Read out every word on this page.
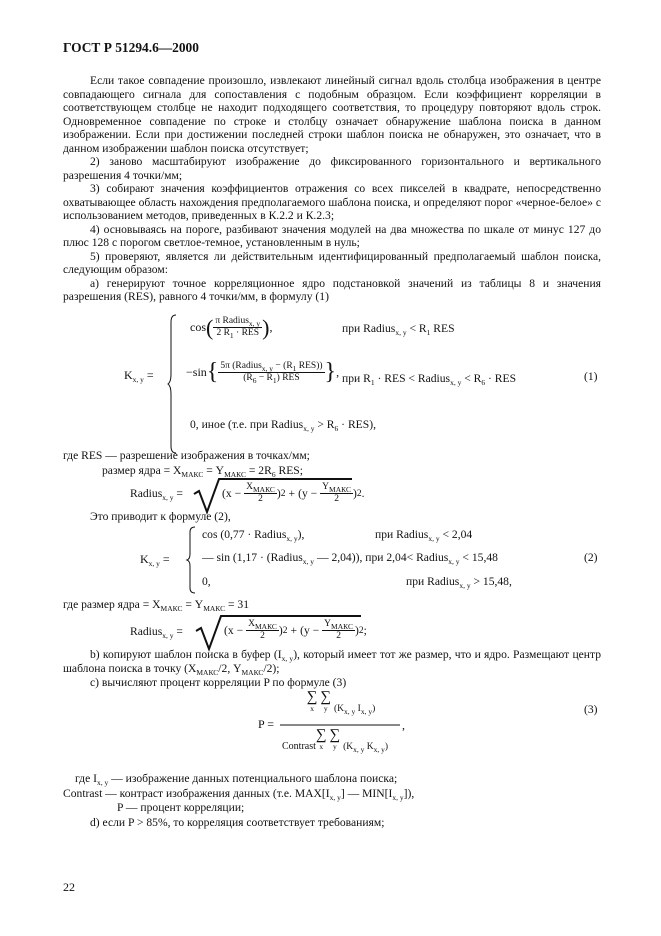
ГОСТ Р 51294.6—2000

Если такое совпадение произошло, извлекают линейный сигнал вдоль столбца изображения в центре совпадающего сигнала для сопоставления с подобным образцом. Если коэффициент корреляции в соответствующем столбце не находит подходящего соответствия, то процедуру повторяют вдоль строк. Одновременное совпадение по строке и столбцу означает обнаружение шаблона поиска в данном изображении. Если при достижении последней строки шаблон поиска не обнаружен, это означает, что в данном изображении шаблон поиска отсутствует;

2) заново масштабируют изображение до фиксированного горизонтального и вертикального разрешения 4 точки/мм;

3) собирают значения коэффициентов отражения со всех пикселей в квадрате, непосредственно охватывающее область нахождения предполагаемого шаблона поиска, и определяют порог «черное-белое» с использованием методов, приведенных в К.2.2 и К.2.3;

4) основываясь на пороге, разбивают значения модулей на два множества по шкале от минус 127 до плюс 128 с порогом светлое-темное, установленным в нуль;

5) проверяют, является ли действительным идентифицированный предполагаемый шаблон поиска, следующим образом:

а) генерируют точное корреляционное ядро подстановкой значений из таблицы 8 и значения разрешения (RES), равного 4 точки/мм, в формулу (1)

$K_{x, y}$ =
cos ( $\frac{\pi Radius_{x, y}}{2 R_1 \cdot RES}$ ) ,	при Radius$_{x, y}$ < $R_1$ RES
−sin { $\frac{5\pi (Radius_{x, y} - (R_1 RES))}{(R_6 - R_1) RES}$ } , при $R_1$ · RES < Radius$_{x, y}$ < $R_6$ · RES	(1)
0, иное (т.е. при Radius$_{x, y}$ > $R_6 \cdot RES$),
где RES — разрешение изображения в точках/мм;
размер ядра = $X_{МАКС} = Y_{МАКС} = 2R_6$ RES;
Radius$_{x, y}$ =	( $x - \frac{X_{МАКС}}{2}$ ) 2 + ( $y - \frac{Y_{МАКС}}{2}$ ) 2 .
Это приводит к формуле (2),
$K_{x, y}$ =
cos (0,77 · Radius$_{x, y}$),	при Radius$_{x, y}$ < 2,04
— sin (1,17 · (Radius$_{x, y}$ — 2,04)), при 2,04< Radius$_{x, y}$ < 15,48	(2)
0,	при Radius$_{x, y}$ > 15,48,
где размер ядра = $X_{МАКС} = Y_{МАКС} = 31$
Radius$_{x, y}$ =	( $x - \frac{X_{МАКС}}{2}$ ) 2 + ( $y - \frac{Y_{МАКС}}{2}$ ) 2 ;
b) копируют шаблон поиска в буфер $(I_{x, y})$, который имеет тот же размер, что и ядро. Размещают центр шаблона поиска в точку ($X_{МАКС}/2$, $Y_{МАКС}/2$);
с) вычисляют процент корреляции P по формуле (3)
P =
∑
x ∑
y ($K_{x, y}$ $I_{x, y}$)
Contrast∑
x ∑
y ($K_{x, y}$ $K_{x, y}$)
,
(3)
где $I_{x, y}$ — изображение данных потенциального шаблона поиска;
Contrast — контраст изображения данных (т.е. $MAX[I_{x, y}]$ — $MIN[I_{x, y}]$),
P — процент корреляции;
d) если P > 85%, то корреляция соответствует требованиям;
22
